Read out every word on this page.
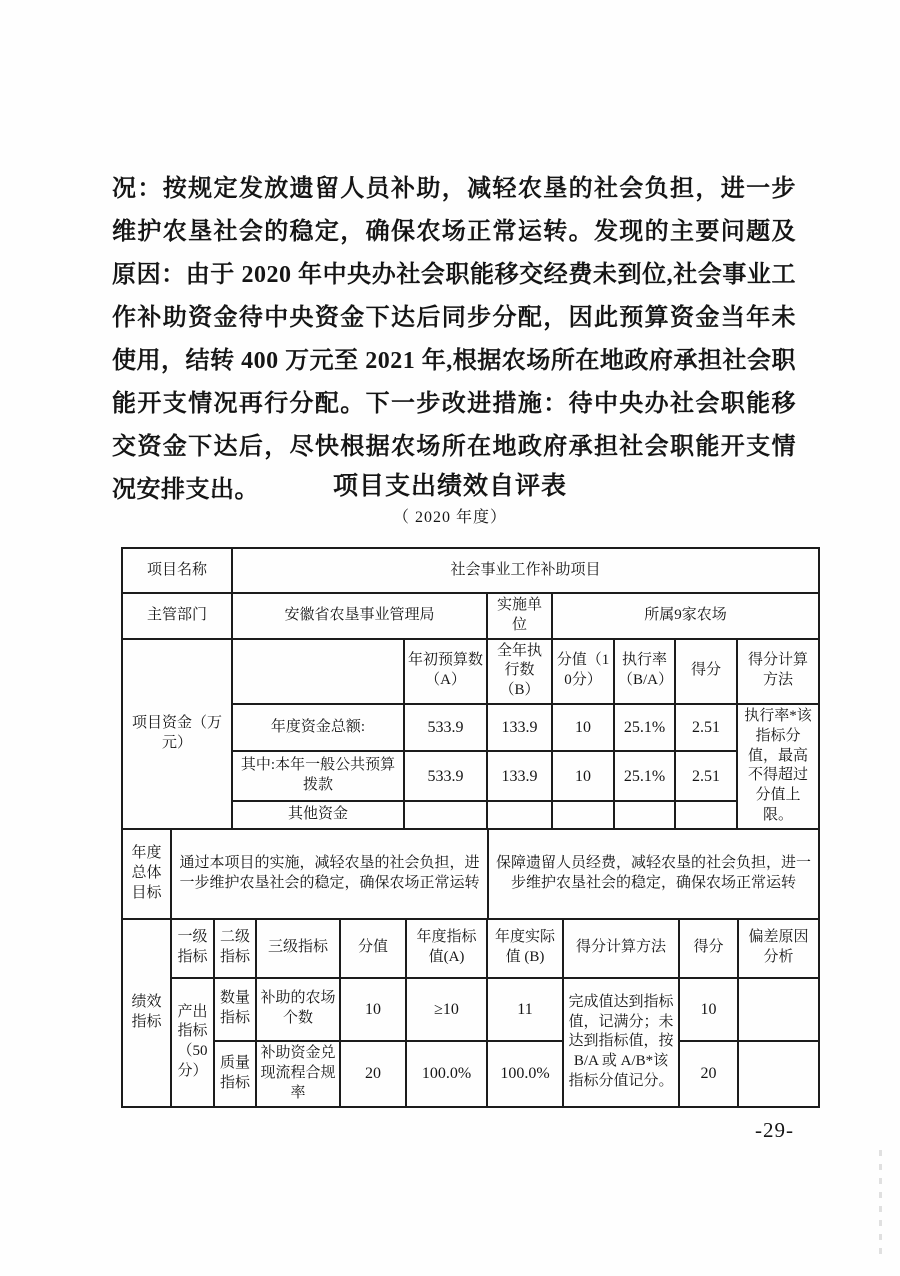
况：按规定发放遗留人员补助，减轻农垦的社会负担，进一步维护农垦社会的稳定，确保农场正常运转。发现的主要问题及原因：由于 2020 年中央办社会职能移交经费未到位,社会事业工作补助资金待中央资金下达后同步分配，因此预算资金当年未使用，结转 400 万元至 2021 年,根据农场所在地政府承担社会职能开支情况再行分配。下一步改进措施：待中央办社会职能移交资金下达后，尽快根据农场所在地政府承担社会职能开支情况安排支出。	项目支出绩效自评表
（ 2020 年度）
项目名称	社会事业工作补助项目		
主管部门	安徽省农垦事业管理局	实施单位	所属9家农场
项目资金（万元）		年初预算数（A）	全年执行数（B）	分值（10分）	执行率（B/A）	得分	得分计算方法
	年度资金总额:	533.9	133.9	10	25.1%	2.51	执行率*该指标分值，最高不得超过分值上限。
	其中:本年一般公共预算拨款	533.9	133.9	10	25.1%	2.51	
	其他资金						
年度总体目标	通过本项目的实施，减轻农垦的社会负担，进一步维护农垦社会的稳定，确保农场正常运转	保障遗留人员经费，减轻农垦的社会负担，进一步维护农垦社会的稳定，确保农场正常运转
绩效指标	一级指标	二级指标	三级指标	分值	年度指标值(A)	年度实际值 (B)	得分计算方法	得分	偏差原因分析
	产出指标（50分）	数量指标	补助的农场个数	10	≥10	11	完成值达到指标值，记满分；未达到指标值，按B/A 或 A/B*该指标分值记分。	10	
		质量指标	补助资金兑现流程合规率	20	100.0%	100.0%		20	
-29-
